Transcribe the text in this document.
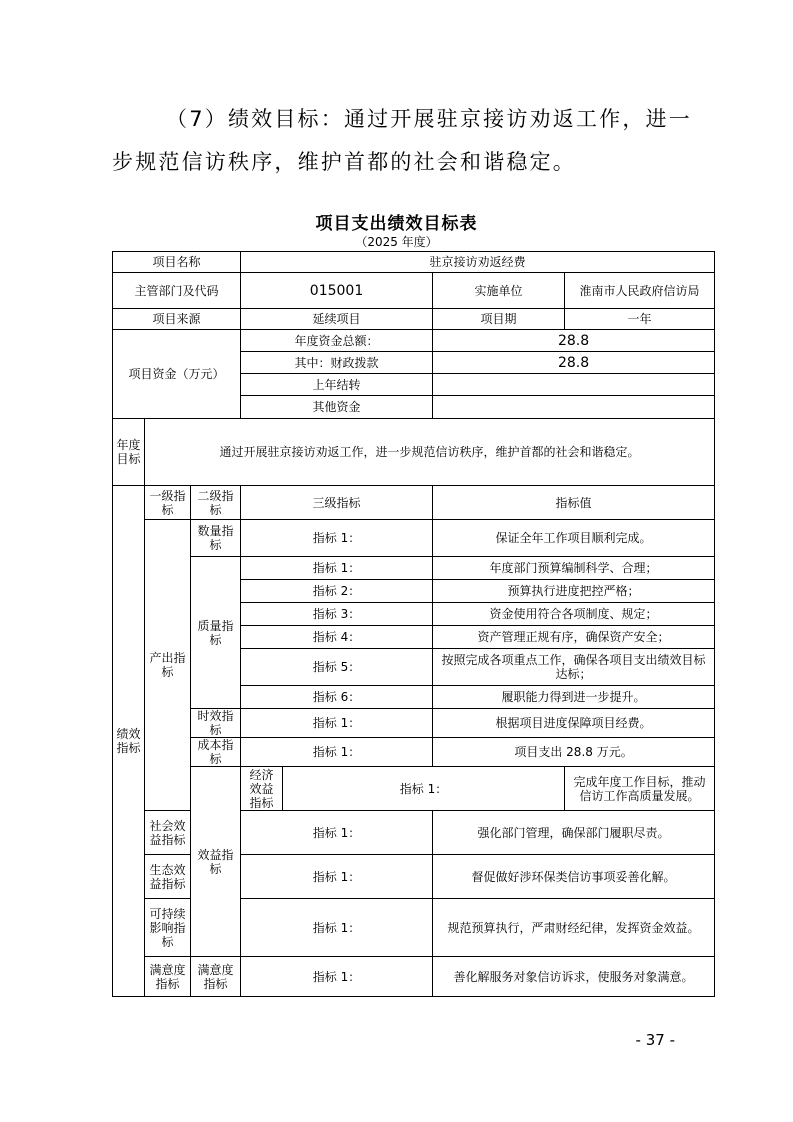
（7）绩效目标：通过开展驻京接访劝返工作，进一步规范信访秩序，维护首都的社会和谐稳定。

项目支出绩效目标表
（2025 年度）
项目名称			驻京接访劝返经费			
主管部门及代码			015001		实施单位	淮南市人民政府信访局
项目来源			延续项目		项目期	一年
项目资金（万元）			年度资金总额：		28.8	
			其中：财政拨款		28.8	
			上年结转			
			其他资金			
年度目标	通过开展驻京接访劝返工作，进一步规范信访秩序，维护首都的社会和谐稳定。					
绩效指标	一级指标	二级指标	三级指标		指标值	
	产出指标	数量指标	指标 1：		保证全年工作项目顺利完成。	
		质量指标	指标 1：		年度部门预算编制科学、合理；	
			指标 2：		预算执行进度把控严格；	
			指标 3：		资金使用符合各项制度、规定；	
			指标 4：		资产管理正规有序，确保资产安全；	
			指标 5：		按照完成各项重点工作，确保各项目支出绩效目标达标；	
			指标 6：		履职能力得到进一步提升。	
		时效指标	指标 1：		根据项目进度保障项目经费。	
		成本指标	指标 1：		项目支出 28.8 万元。	
		效益指标	经济效益指标	指标 1：		完成年度工作目标，推动信访工作高质量发展。
	社会效益指标		指标 1：		强化部门管理，确保部门履职尽责。	
	生态效益指标		指标 1：		督促做好涉环保类信访事项妥善化解。	
	可持续影响指标		指标 1：		规范预算执行，严肃财经纪律，发挥资金效益。	
	满意度指标	满意度指标	指标 1：		善化解服务对象信访诉求，使服务对象满意。	
- 37 -
